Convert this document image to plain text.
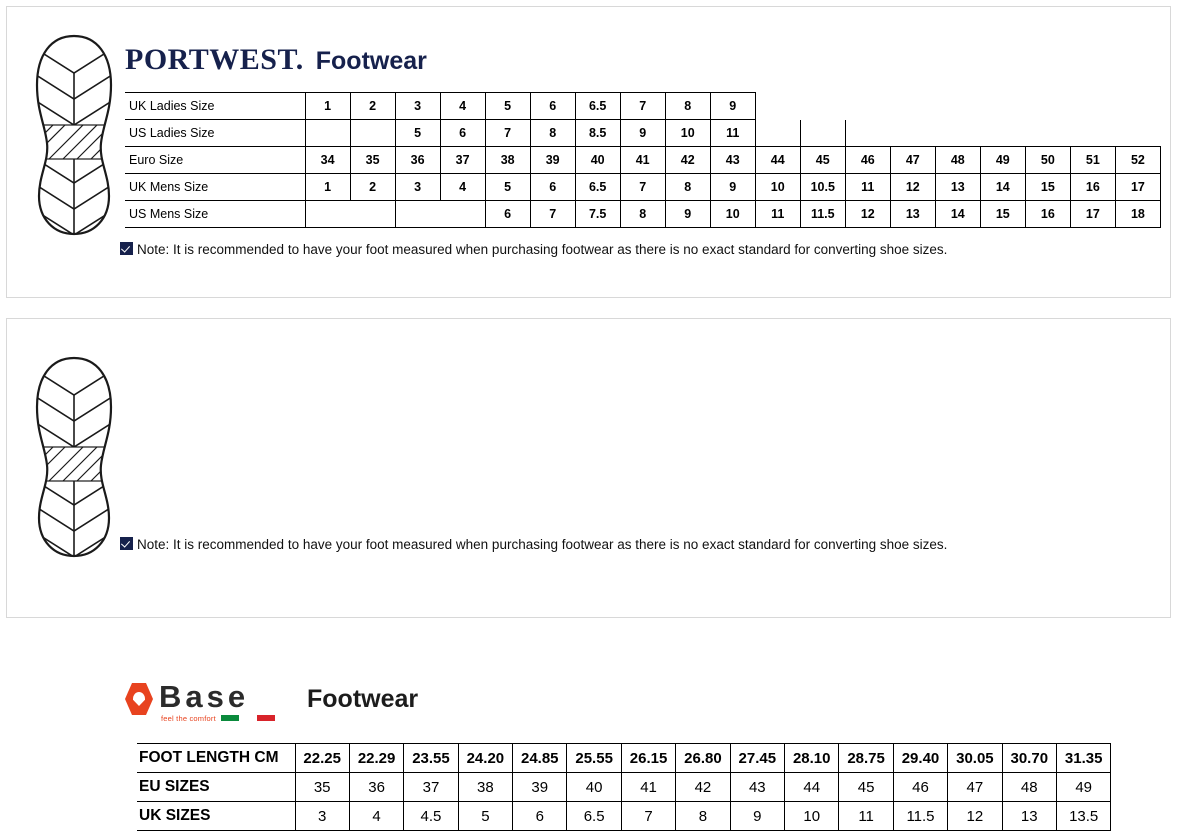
PORTWEST. Footwear
UK Ladies Size	1	2	3	4	5	6	6.5	7	8	9									
US Ladies Size			5	6	7	8	8.5	9	10	11									
Euro Size	34	35	36	37	38	39	40	41	42	43	44	45	46	47	48	49	50	51	52
UK Mens Size	1	2	3	4	5	6	6.5	7	8	9	10	10.5	11	12	13	14	15	16	17
US Mens Size					6	7	7.5	8	9	10	11	11.5	12	13	14	15	16	17	18
Note: It is recommended to have your foot measured when purchasing footwear as there is no exact standard for converting shoe sizes.
Base
feel the comfort
Footwear
FOOT LENGTH CM	22.25	22.29	23.55	24.20	24.85	25.55	26.15	26.80	27.45	28.10	28.75	29.40	30.05	30.70	31.35
EU SIZES	35	36	37	38	39	40	41	42	43	44	45	46	47	48	49
UK SIZES	3	4	4.5	5	6	6.5	7	8	9	10	11	11.5	12	13	13.5
Note: It is recommended to have your foot measured when purchasing footwear as there is no exact standard for converting shoe sizes.
